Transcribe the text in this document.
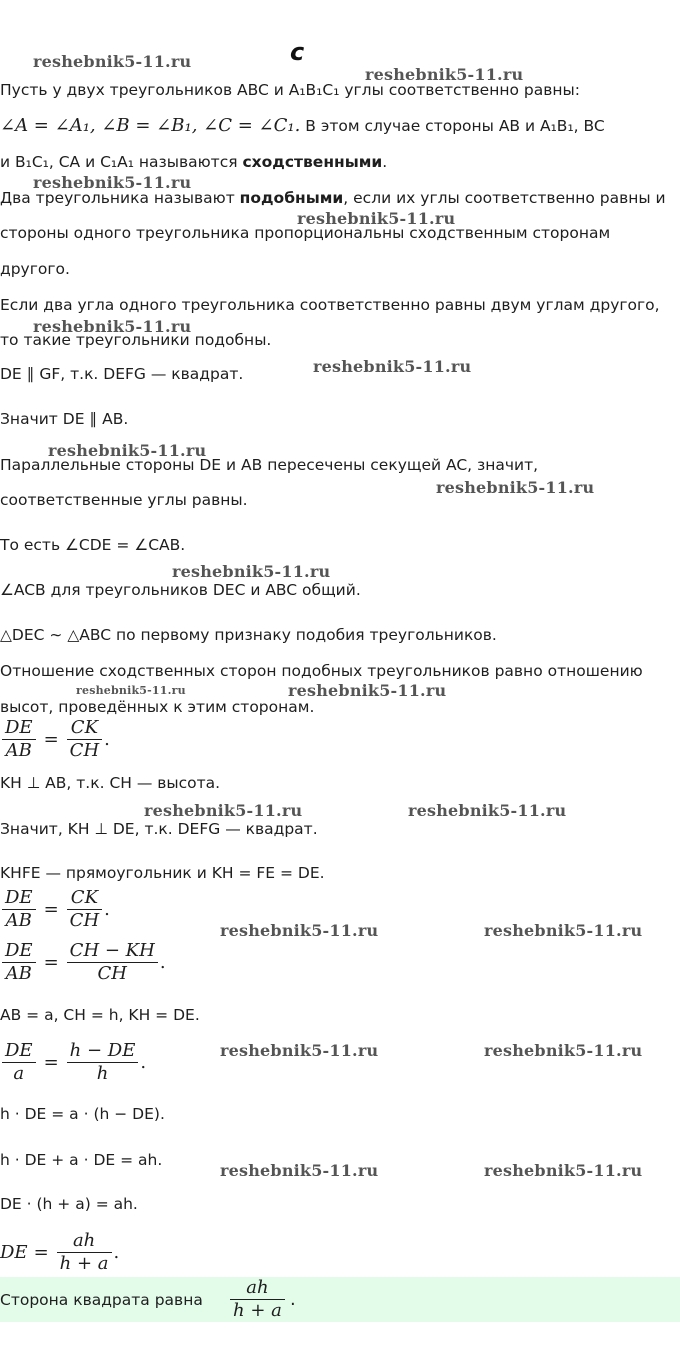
c
reshebnik5-11.ru
reshebnik5-11.ru
reshebnik5-11.ru
reshebnik5-11.ru
reshebnik5-11.ru
reshebnik5-11.ru
reshebnik5-11.ru
reshebnik5-11.ru
reshebnik5-11.ru
reshebnik5-11.ru	reshebnik5-11.ru
reshebnik5-11.ru	reshebnik5-11.ru
reshebnik5-11.ru	reshebnik5-11.ru
reshebnik5-11.ru	reshebnik5-11.ru
reshebnik5-11.ru	reshebnik5-11.ru
Пусть у двух треугольников ABC и A₁B₁C₁ углы соответственно равны:
∠A = ∠A₁, ∠B = ∠B₁, ∠C = ∠C₁. В этом случае стороны AB и A₁B₁, BC
и B₁C₁, CA и C₁A₁ называются сходственными.
Два треугольника называют подобными, если их углы соответственно равны и
стороны одного треугольника пропорциональны сходственным сторонам
другого.
Если два угла одного треугольника соответственно равны двум углам другого,
то такие треугольники подобны.
DE ∥ GF, т.к. DEFG — квадрат.
Значит DE ∥ AB.
Параллельные стороны DE и AB пересечены секущей AC, значит,
соответственные углы равны.
То есть ∠CDE = ∠CAB.
∠ACB для треугольников DEC и ABC общий.
△DEC ∼ △ABC по первому признаку подобия треугольников.
Отношение сходственных сторон подобных треугольников равно отношению
высот, проведённых к этим сторонам.
$\frac{DE}{AB} = \frac{CK}{CH}$ .
KH ⊥ AB, т.к. CH — высота.
Значит, KH ⊥ DE, т.к. DEFG — квадрат.
KHFE — прямоугольник и KH = FE = DE.
$\frac{DE}{AB} = \frac{CK}{CH}$ .
$\frac{DE}{AB} = \frac{CH - KH}{CH}$ .
AB = a, CH = h, KH = DE.
$\frac{DE}{a} = \frac{h - DE}{h}$ .
h · DE = a · (h − DE).
h · DE + a · DE = ah.
DE · (h + a) = ah.
DE = $\frac{ah}{h + a}$ .
Сторона квадрата равна $\frac{ah}{h + a}$ .
